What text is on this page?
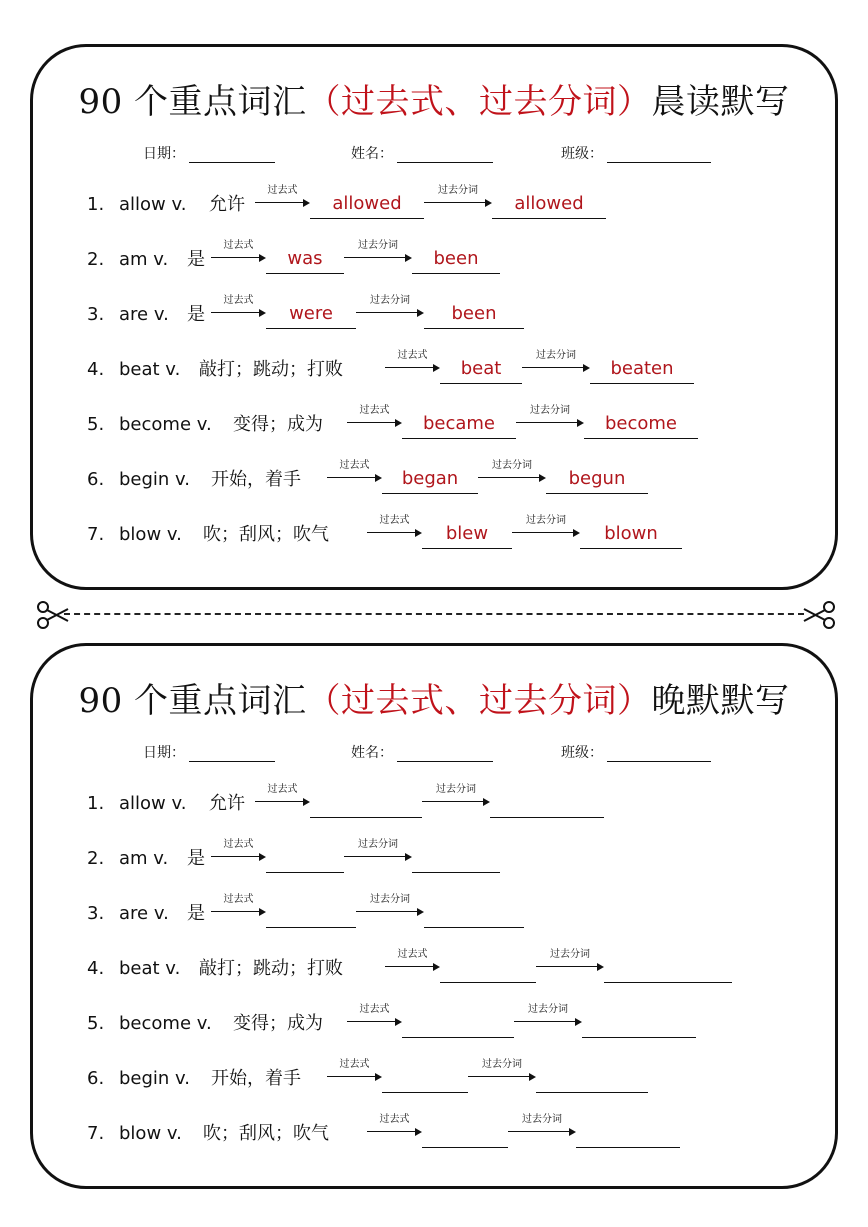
90 个重点词汇（过去式、过去分词）晨读默写
日期：	姓名：	班级：
1. allow v. 允许
过去式
allowed
过去分词
allowed
2. am v. 是
过去式
was
过去分词
been
3. are v. 是
过去式
were
过去分词
been
4. beat v. 敲打；跳动；打败
过去式
beat
过去分词
beaten
5. become v. 变得；成为
过去式
became
过去分词
become
6. begin v. 开始，着手
过去式
began
过去分词
begun
7. blow v. 吹；刮风；吹气
过去式
blew
过去分词
blown
90 个重点词汇（过去式、过去分词）晚默默写
日期：	姓名：	班级：
1. allow v. 允许
过去式	过去分词
2. am v. 是
过去式	过去分词
3. are v. 是
过去式	过去分词
4. beat v. 敲打；跳动；打败
过去式	过去分词
5. become v. 变得；成为
过去式	过去分词
6. begin v. 开始，着手
过去式	过去分词
7. blow v. 吹；刮风；吹气
过去式	过去分词
